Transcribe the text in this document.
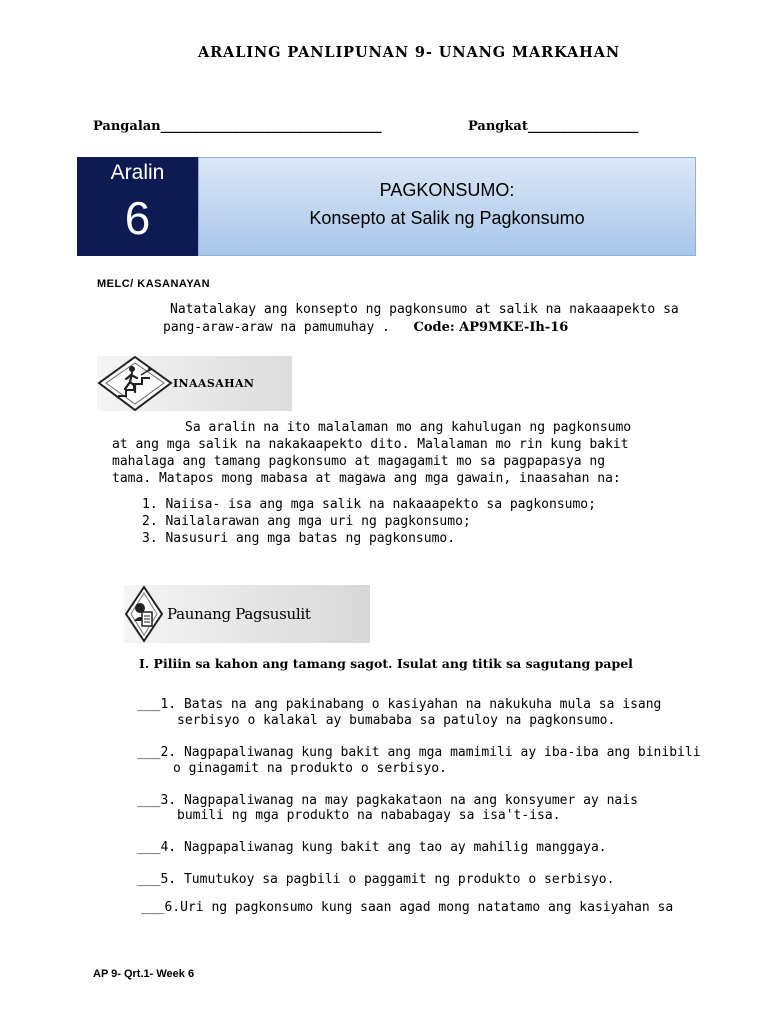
ARALING PANLIPUNAN 9- UNANG MARKAHAN
Pangalan__________________________________	Pangkat_________________
Aralin
6
PAGKONSUMO:
Konsepto at Salik ng Pagkonsumo
MELC/ KASANAYAN
Natatalakay ang konsepto ng pagkonsumo at salik na nakaaapekto sa
pang-araw-araw na pamumuhay . Code: AP9MKE-Ih-16
INAASAHAN
Sa aralin na ito malalaman mo ang kahulugan ng pagkonsumo
at ang mga salik na nakakaapekto dito. Malalaman mo rin kung bakit
mahalaga ang tamang pagkonsumo at magagamit mo sa pagpapasya ng
tama. Matapos mong mabasa at magawa ang mga gawain, inaasahan na:
1. Naiisa- isa ang mga salik na nakaaapekto sa pagkonsumo;
2. Nailalarawan ang mga uri ng pagkonsumo;
3. Nasusuri ang mga batas ng pagkonsumo.
Paunang Pagsusulit
I. Piliin sa kahon ang tamang sagot. Isulat ang titik sa sagutang papel
___1. Batas na ang pakinabang o kasiyahan na nakukuha mula sa isang
serbisyo o kalakal ay bumababa sa patuloy na pagkonsumo.
___2. Nagpapaliwanag kung bakit ang mga mamimili ay iba-iba ang binibili
o ginagamit na produkto o serbisyo.
___3. Nagpapaliwanag na may pagkakataon na ang konsyumer ay nais
bumili ng mga produkto na nababagay sa isa't-isa.
___4. Nagpapaliwanag kung bakit ang tao ay mahilig manggaya.
___5. Tumutukoy sa pagbili o paggamit ng produkto o serbisyo.
___6.Uri ng pagkonsumo kung saan agad mong natatamo ang kasiyahan sa
AP 9- Qrt.1- Week 6
